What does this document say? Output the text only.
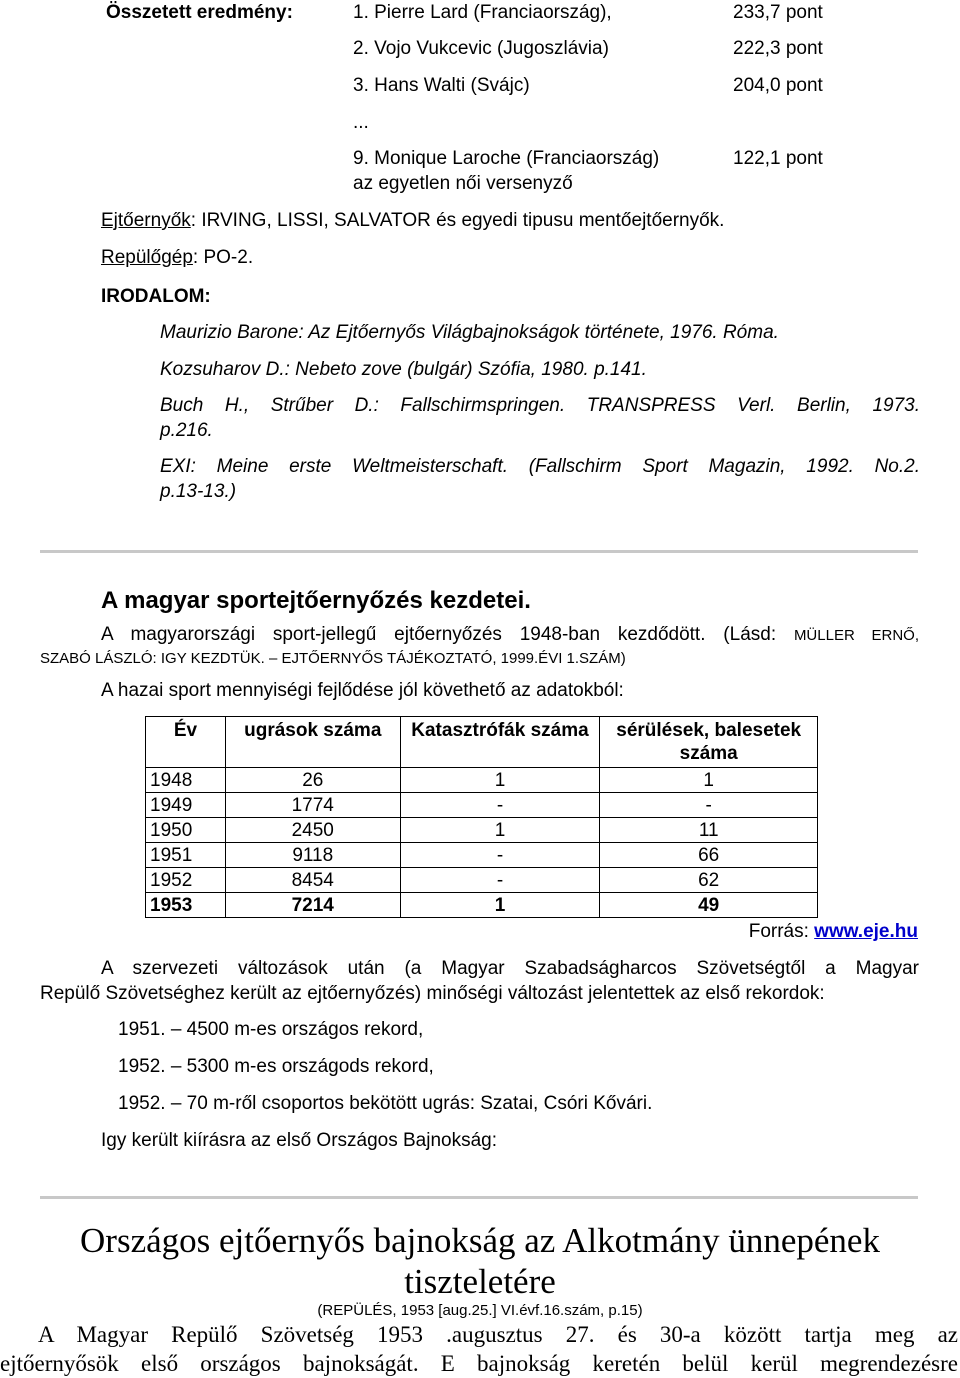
Összetett eredmény:	1. Pierre Lard (Franciaország),	233,7 pont
2. Vojo Vukcevic (Jugoszlávia)	222,3 pont
3. Hans Walti (Svájc)	204,0 pont
...
9. Monique Laroche (Franciaország)	122,1 pont
az egyetlen női versenyző
Ejtőernyők: IRVING, LISSI, SALVATOR és egyedi tipusu mentőejtőernyők.
Repülőgép: PO-2.
IRODALOM:
Maurizio Barone: Az Ejtőernyős Világbajnokságok története, 1976. Róma.
Kozsuharov D.: Nebeto zove (bulgár) Szófia, 1980. p.141.
Buch H., Strűber D.: Fallschirmspringen. TRANSPRESS Verl. Berlin, 1973.
p.216.
EXI: Meine erste Weltmeisterschaft. (Fallschirm Sport Magazin, 1992. No.2.
p.13-13.)
A magyar sportejtőernyőzés kezdetei.
A magyarországi sport-jellegű ejtőernyőzés 1948-ban kezdődött. (Lásd: MÜLLER ERNŐ,
SZABÓ LÁSZLÓ: IGY KEZDTÜK. – EJTŐERNYŐS TÁJÉKOZTATÓ, 1999.ÉVI 1.SZÁM)
A hazai sport mennyiségi fejlődése jól követhető az adatokból:
Év	ugrások száma	Katasztrófák száma	sérülések, balesetek száma
1948	26	1	1
1949	1774	-	-
1950	2450	1	11
1951	9118	-	66
1952	8454	-	62
1953	7214	1	49
Forrás: www.eje.hu
A szervezeti változások után (a Magyar Szabadságharcos Szövetségtől a Magyar
Repülő Szövetséghez került az ejtőernyőzés) minőségi változást jelentettek az első rekordok:
1951. – 4500 m-es országos rekord,
1952. – 5300 m-es országods rekord,
1952. – 70 m-ről csoportos bekötött ugrás: Szatai, Csóri Kővári.
Igy került kiírásra az első Országos Bajnokság:
Országos ejtőernyős bajnokság az Alkotmány ünnepének
tiszteletére
(REPÜLÉS, 1953 [aug.25.] VI.évf.16.szám, p.15)
A Magyar Repülő Szövetség 1953 .augusztus 27. és 30-a között tartja meg az
ejtőernyősök első országos bajnokságát. E bajnokság keretén belül kerül megrendezésre
